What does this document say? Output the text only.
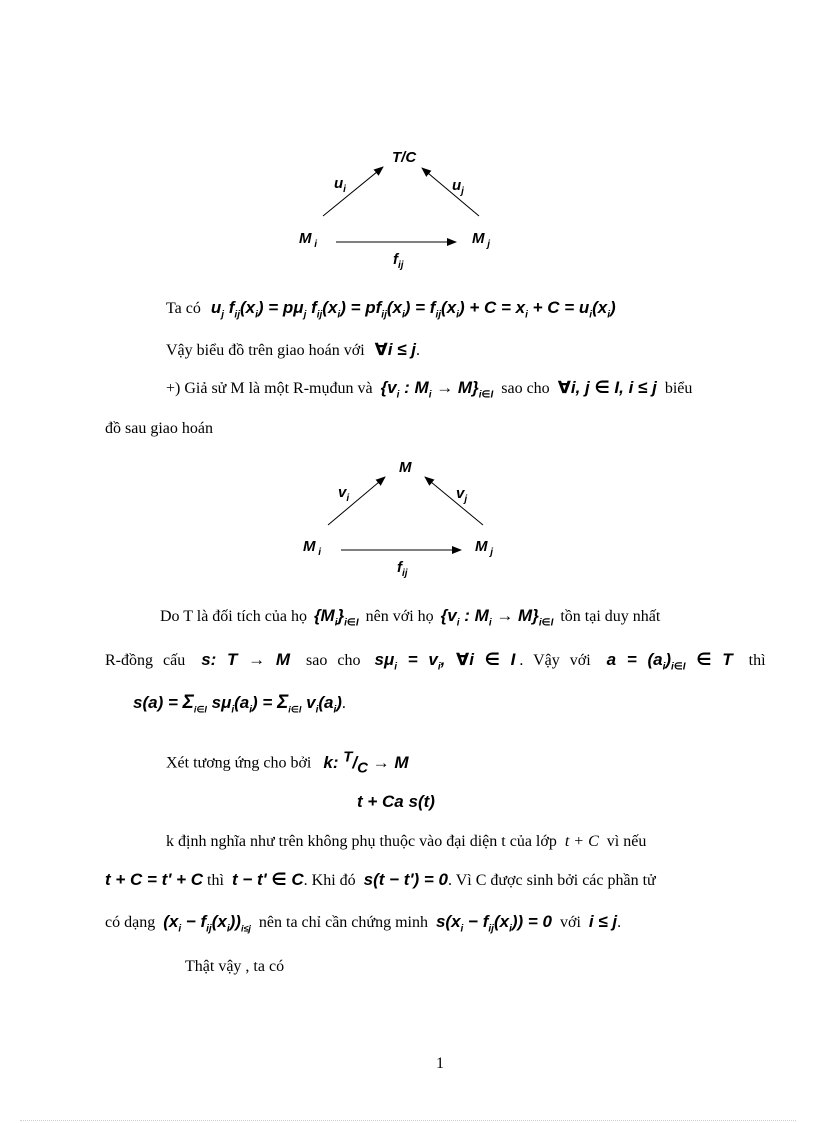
T/C
$u_i$	$u_j$
M $_i$	M $_j$
$f_{ij}$
Ta có $u_j$ $f_{ij}(x_i) = p\mu_j$ $f_{ij}(x_i) = pf_{ij}(x_i) = f_{ij}(x_i) + C = x_i + C = u_i(x_i)$
Vậy biểu đồ trên giao hoán với ∀i ≤ j.
+) Giả sử M là một R-mụđun và {$v_i$ : $M_i \to M\}_{i\in I}$ sao cho ∀i, j ∈ I, i ≤ j biểu
đồ sau giao hoán
M
$v_i$	$v_j$
M $_i$	M $_j$
$f_{ij}$
Do T là đối tích của họ $\{M_i\}_{i\in I}$ nên với họ {$v_i$ : $M_i \to M\}_{i\in I}$ tồn tại duy nhất
R-đồng cấu s: T → M sao cho $s\mu_i = v_i$, ∀i ∈ I . Vậy với $a = (a_i)_{i\in I}$ ∈ T thì
$s(a) = \Sigma_{i\in I}$ $s\mu_i(a_i) = \Sigma_{i\in I}$ $v_i(a_i)$.
Xét tương ứng cho bởi k: $^T/_C \to M$
t + Ca s(t)
k định nghĩa như trên không phụ thuộc vào đại diện t của lớp t + C vì nếu
t + C = t' + C thì t − t' ∈ C. Khi đó s(t − t') = 0. Vì C được sinh bởi các phần tử
có dạng $(x_i - f_{ij}(x_i))_{i\le j}$ nên ta chỉ cần chứng minh $s(x_i - f_{ij}(x_i)) = 0$ với i ≤ j.
Thật vậy , ta có
1
